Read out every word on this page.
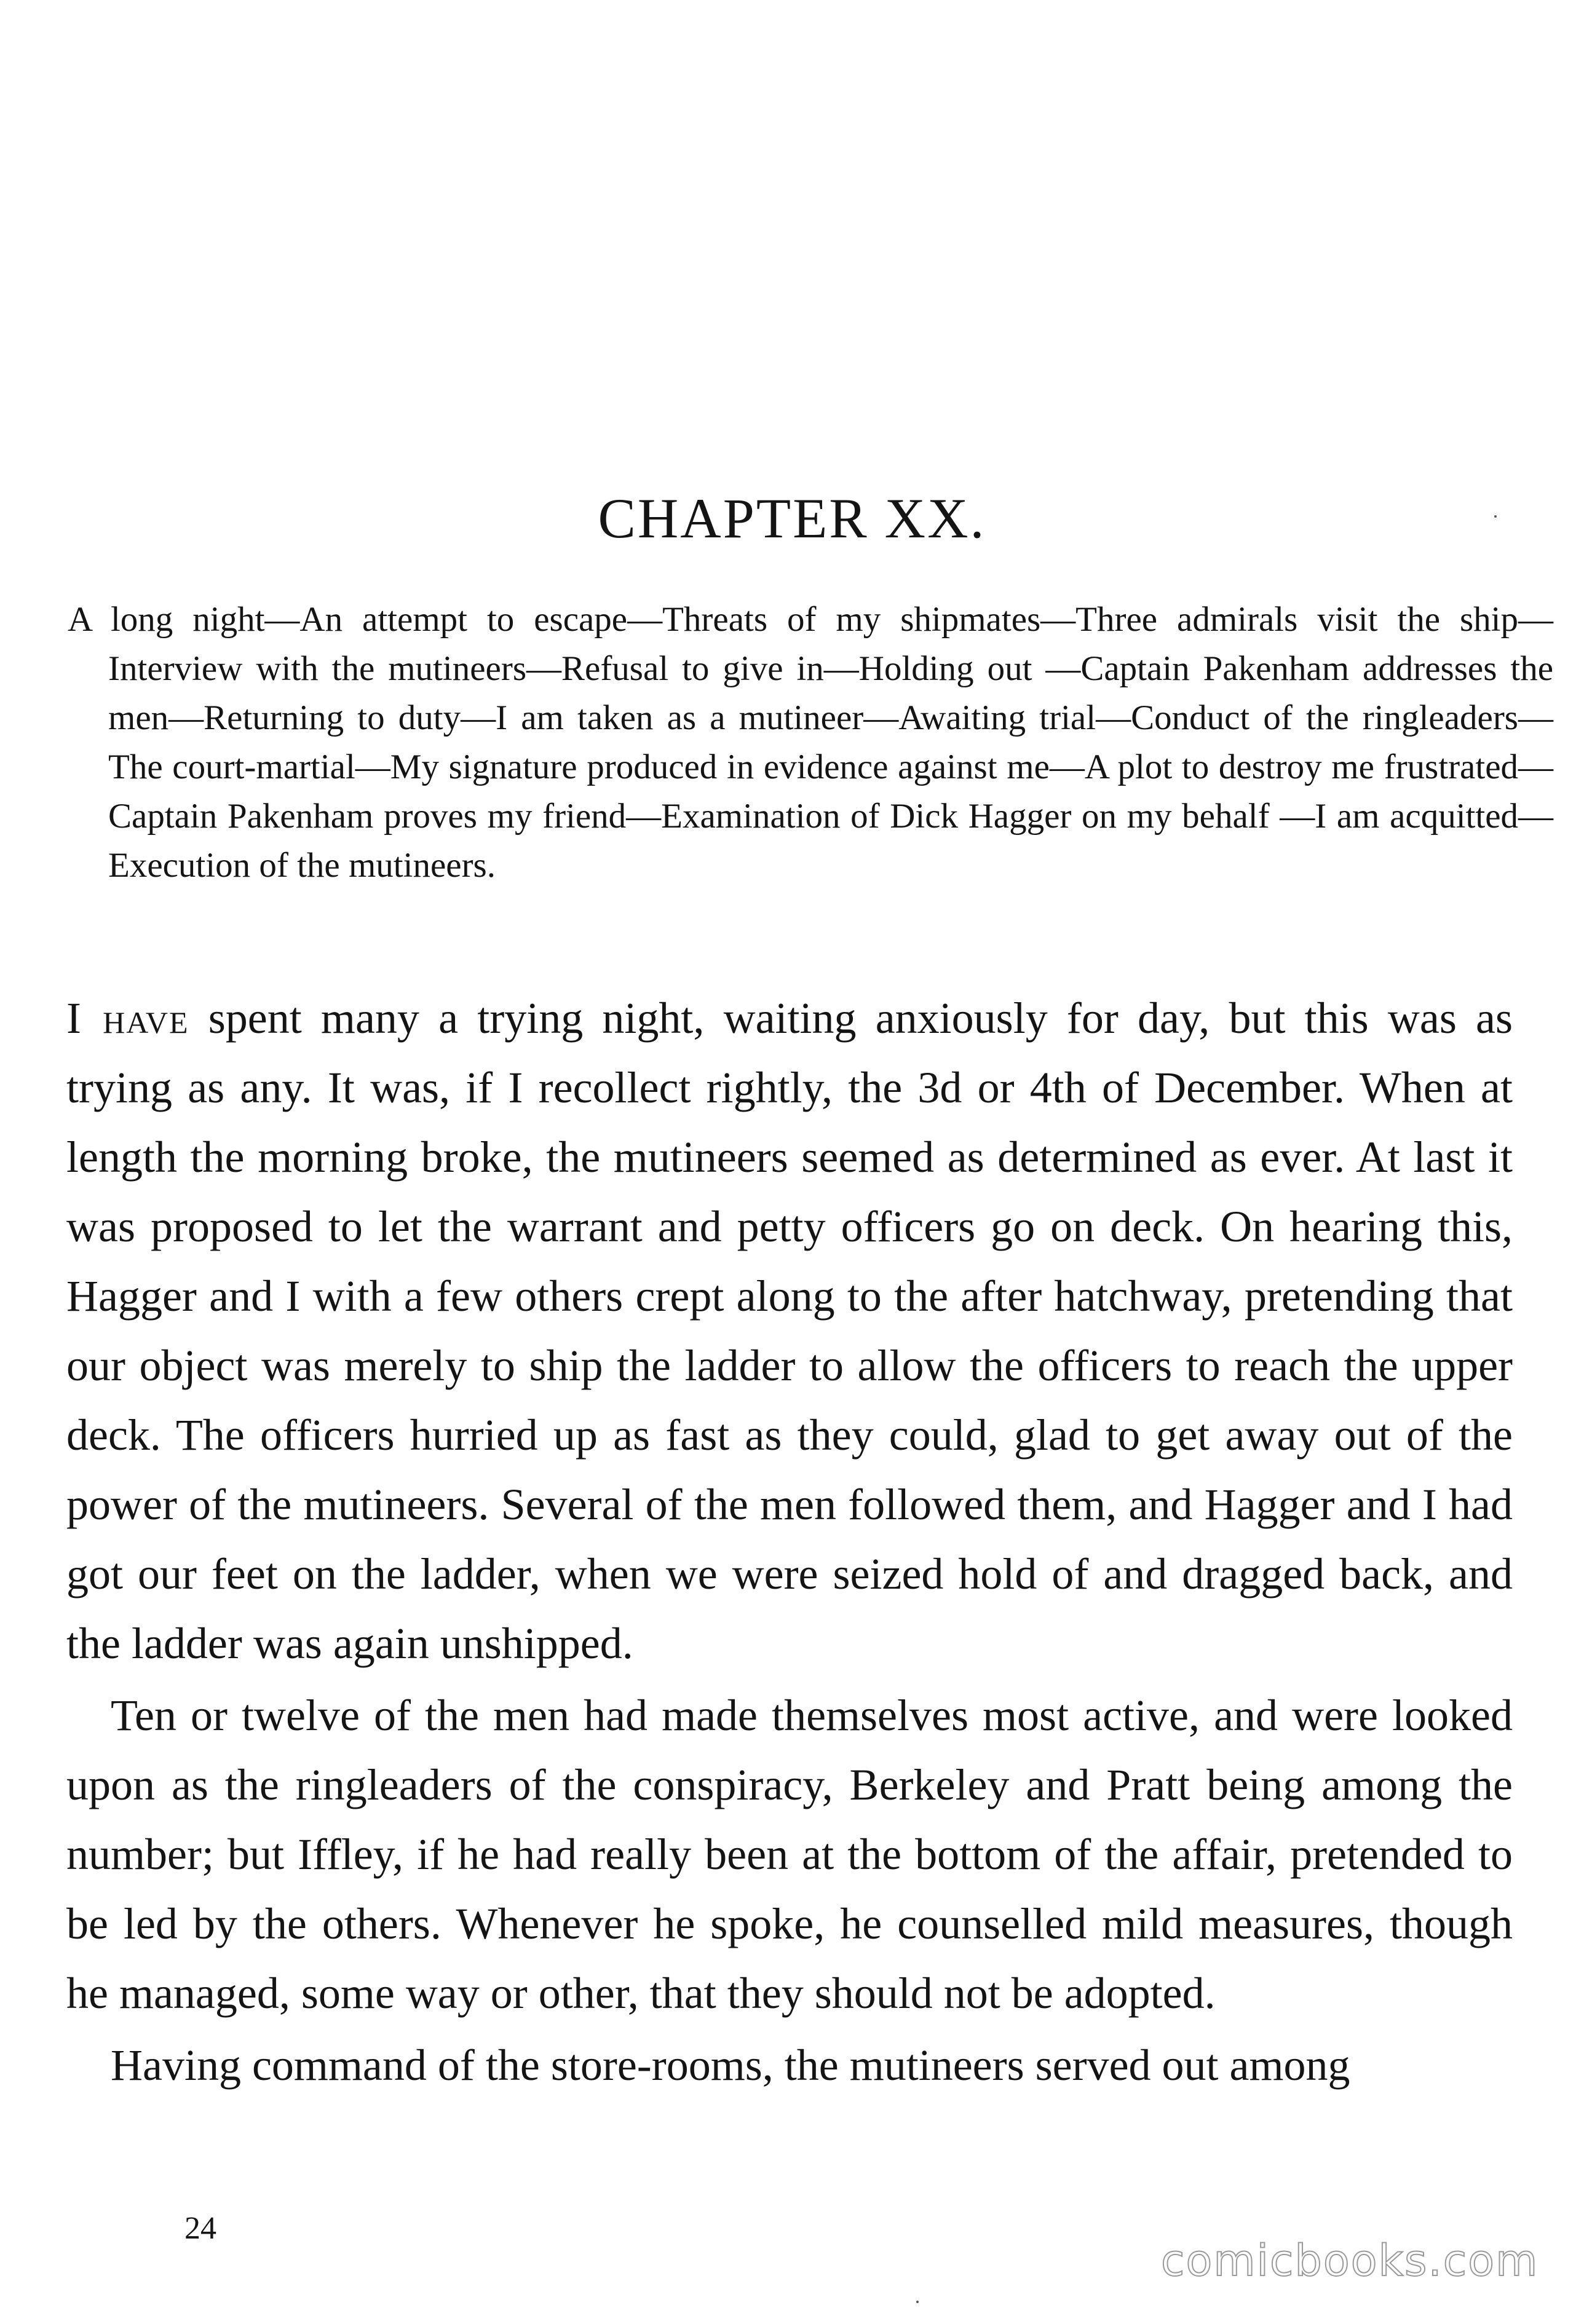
CHAPTER XX.

A long night—An attempt to escape—Threats of my shipmates—Three admirals visit the ship—Interview with the mutineers—Refusal to give in—Holding out —Captain Pakenham addresses the men—Returning to duty—I am taken as a mutineer—Awaiting trial—Conduct of the ringleaders—The court-martial—My signature produced in evidence against me—A plot to destroy me frustrated—Captain Pakenham proves my friend—Examination of Dick Hagger on my behalf —I am acquitted—Execution of the mutineers.

I have spent many a trying night, waiting anxiously for day, but this was as trying as any. It was, if I recollect rightly, the 3d or 4th of December. When at length the morning broke, the mutineers seemed as determined as ever. At last it was proposed to let the warrant and petty officers go on deck. On hearing this, Hagger and I with a few others crept along to the after hatchway, pretending that our object was merely to ship the ladder to allow the officers to reach the upper deck. The officers hurried up as fast as they could, glad to get away out of the power of the mutineers. Several of the men followed them, and Hagger and I had got our feet on the ladder, when we were seized hold of and dragged back, and the ladder was again unshipped.

Ten or twelve of the men had made themselves most active, and were looked upon as the ringleaders of the conspiracy, Berkeley and Pratt being among the number; but Iffley, if he had really been at the bottom of the affair, pretended to be led by the others. Whenever he spoke, he counselled mild measures, though he managed, some way or other, that they should not be adopted.

Having command of the store-rooms, the mutineers served out among

24
comicbooks.com
